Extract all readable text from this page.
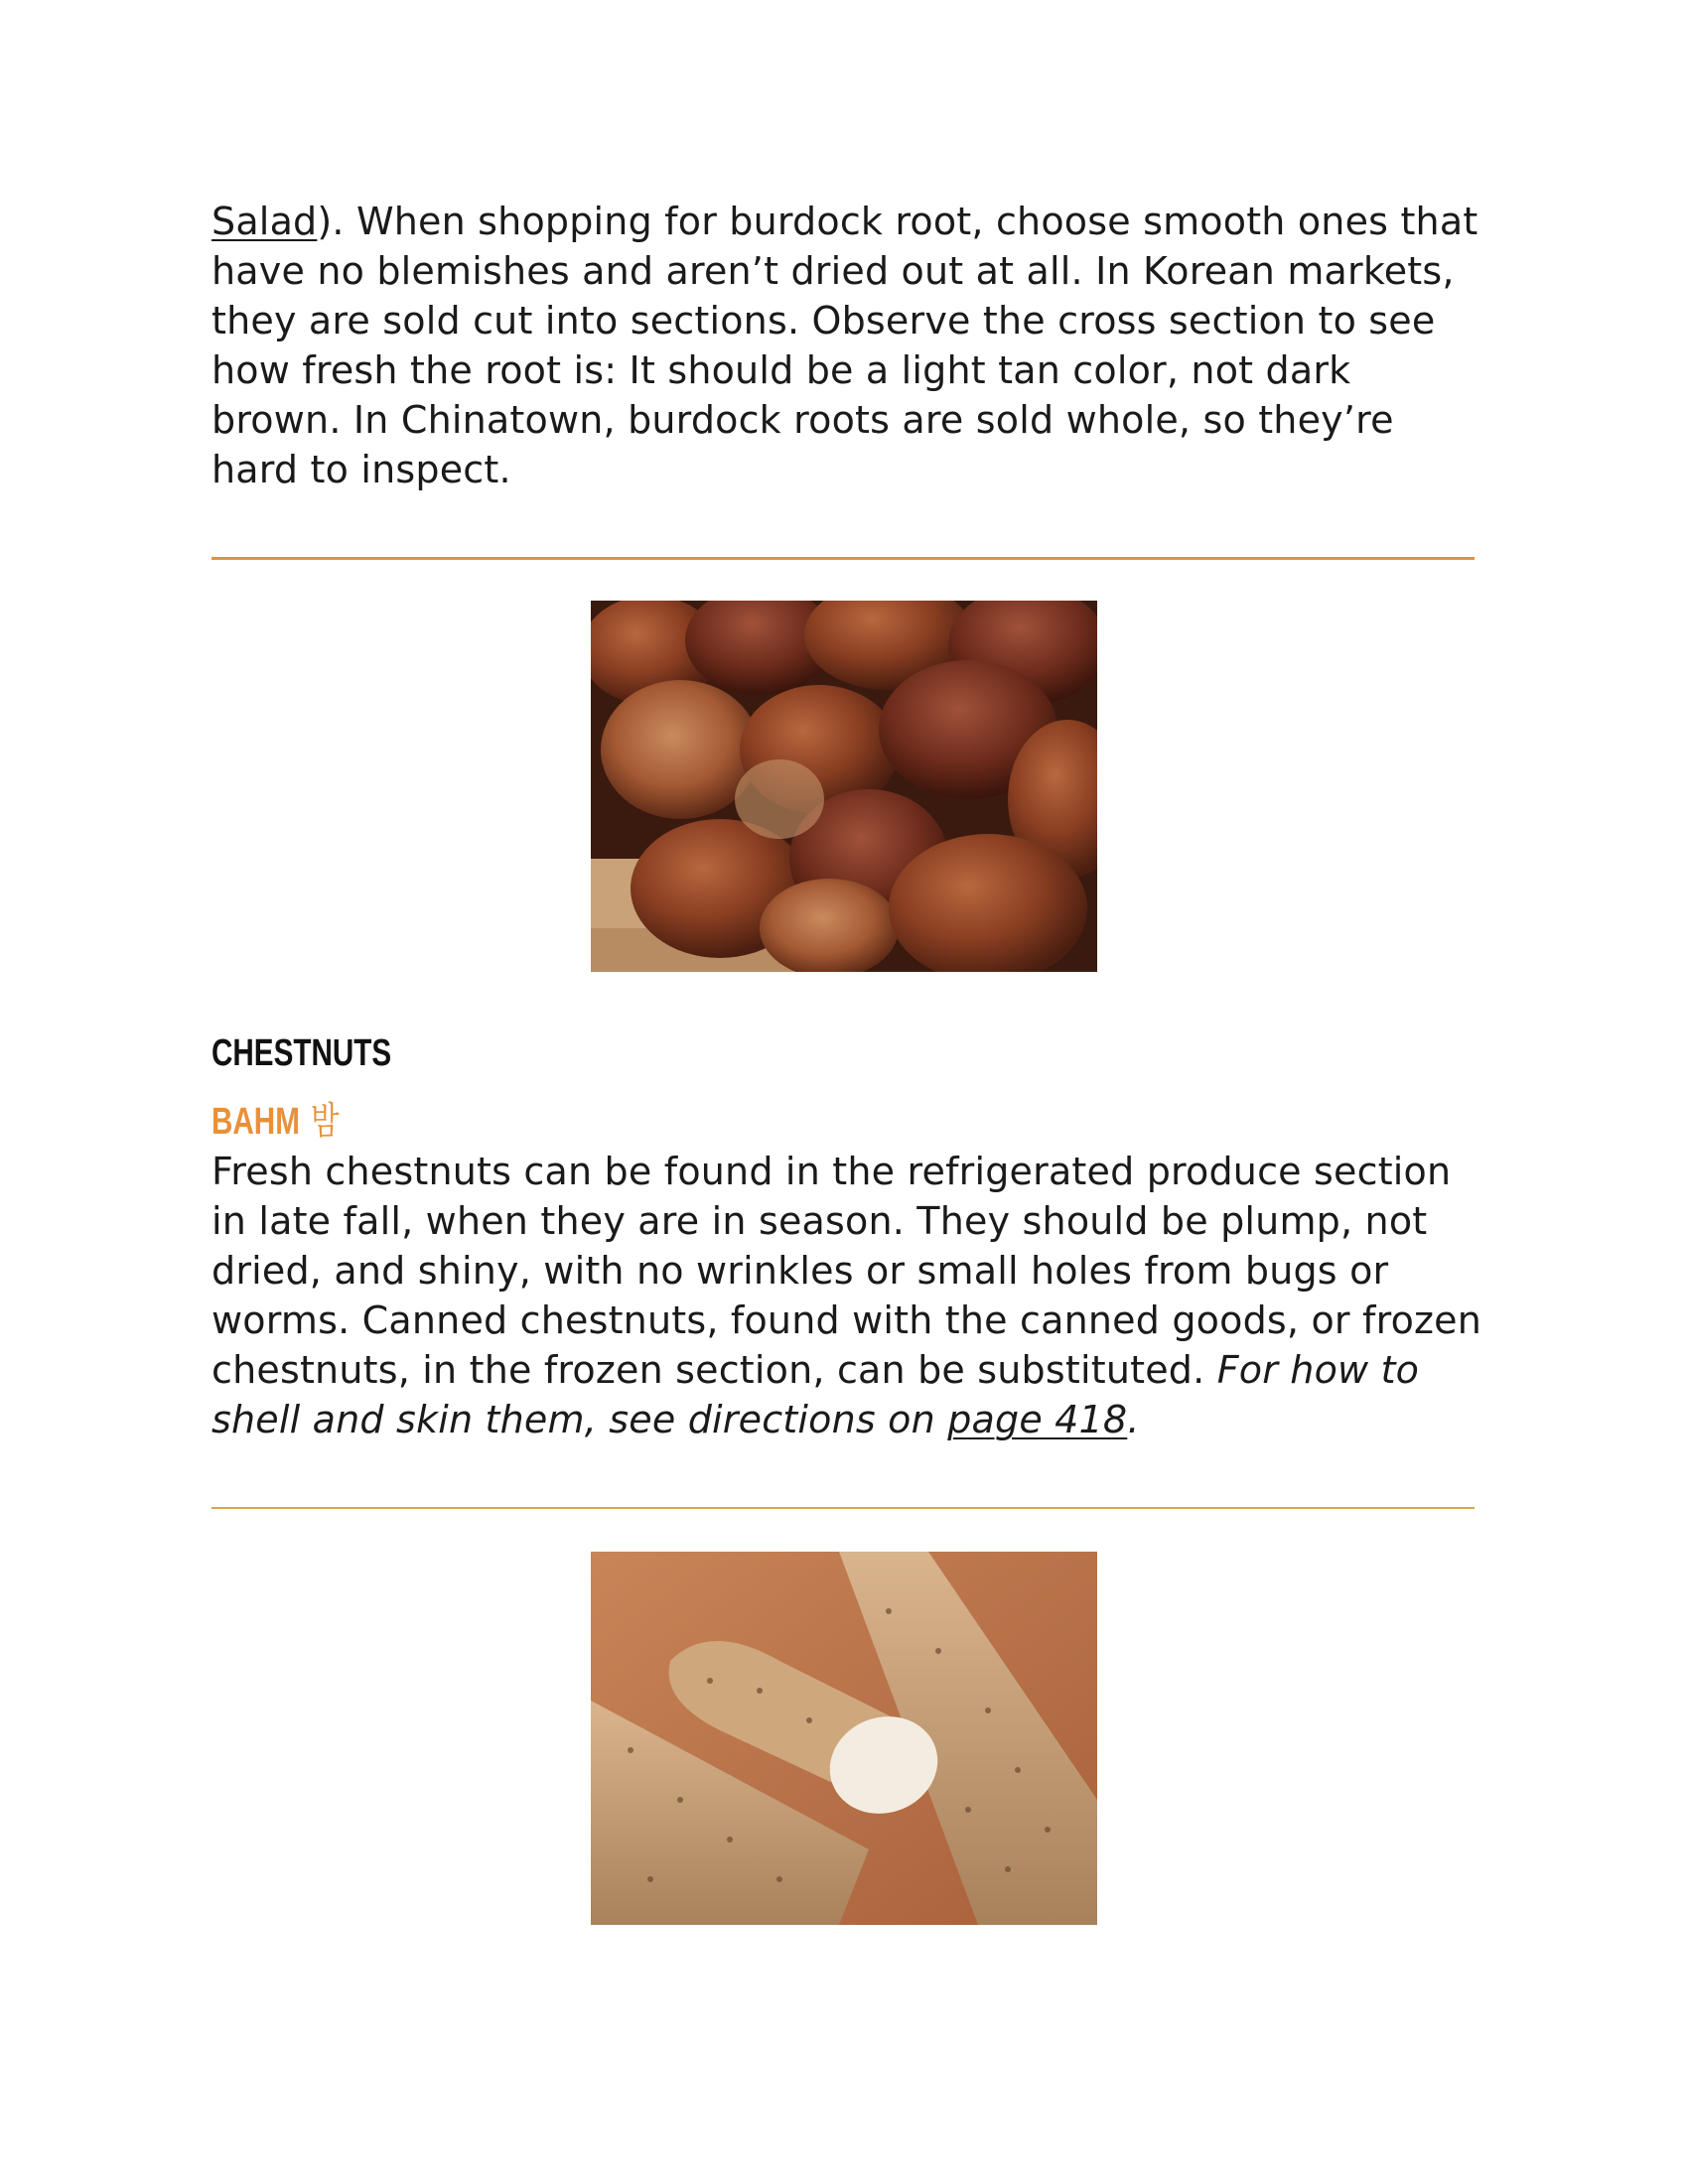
Salad). When shopping for burdock root, choose smooth ones that have no blemishes and aren’t dried out at all. In Korean markets, they are sold cut into sections. Observe the cross section to see how fresh the root is: It should be a light tan color, not dark brown. In Chinatown, burdock roots are sold whole, so they’re hard to inspect.
CHESTNUTS
BAHM 밤
Fresh chestnuts can be found in the refrigerated produce section in late fall, when they are in season. They should be plump, not dried, and shiny, with no wrinkles or small holes from bugs or worms. Canned chestnuts, found with the canned goods, or frozen chestnuts, in the frozen section, can be substituted. For how to shell and skin them, see directions on page 418.
